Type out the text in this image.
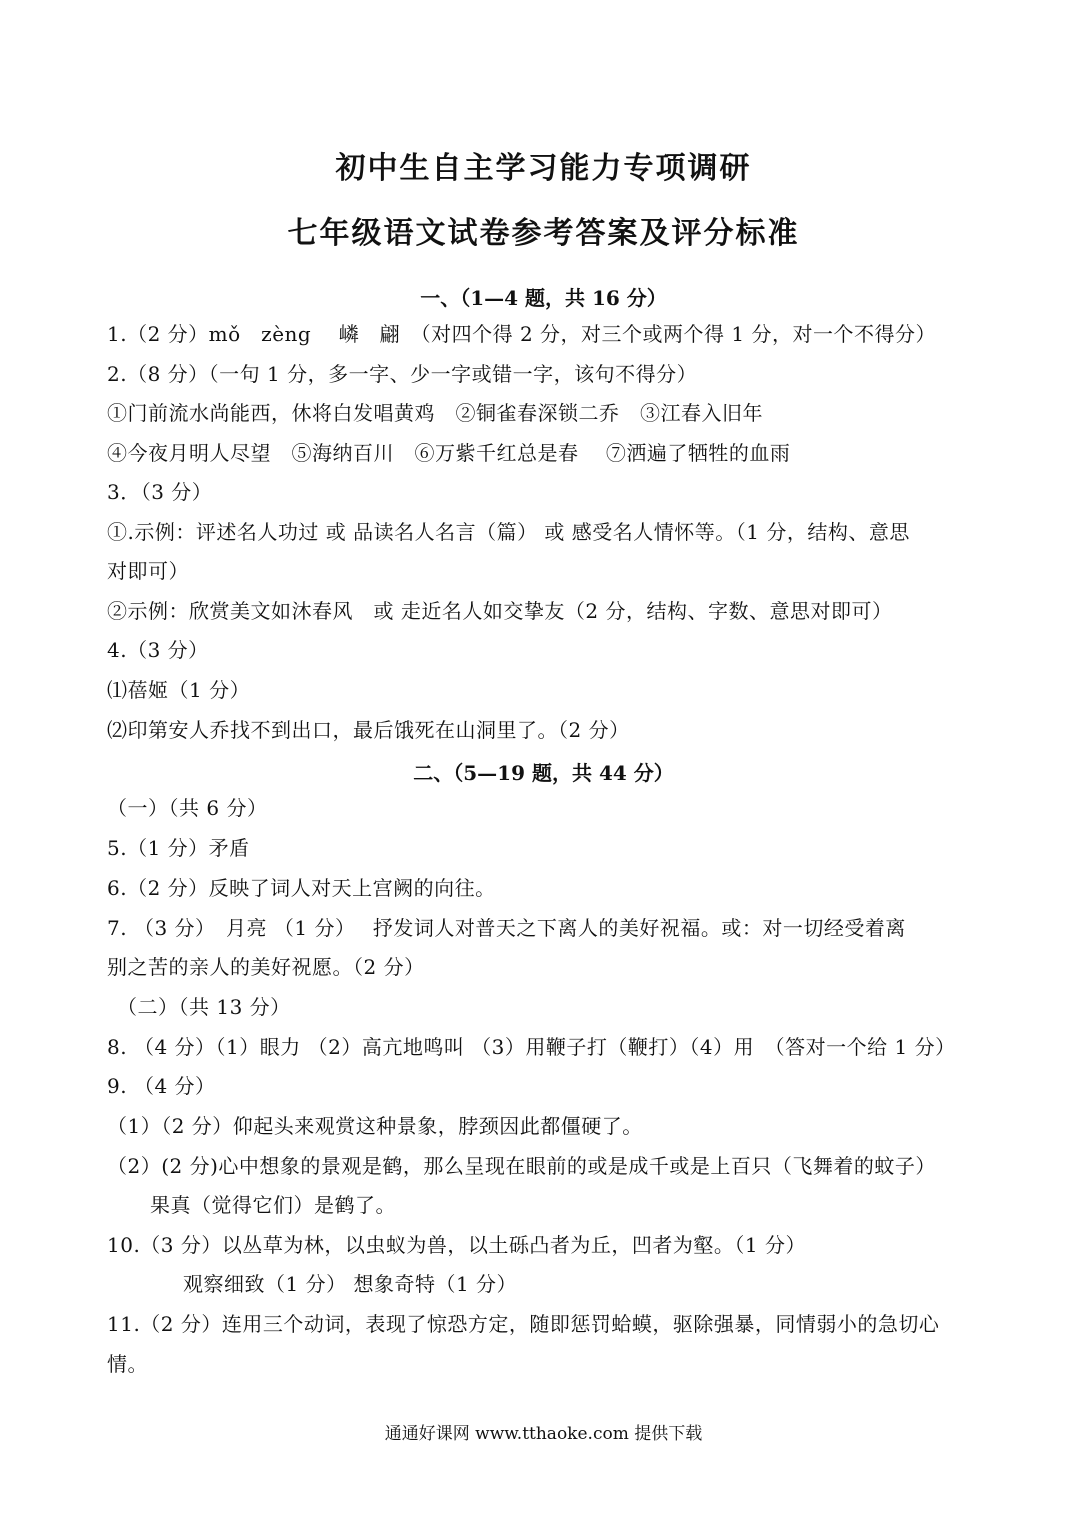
初中生自主学习能力专项调研
七年级语文试卷参考答案及评分标准
一、（1—4 题，共 16 分）
1.（2 分）mǒ　zèng　 嶙　翩　（对四个得 2 分，对三个或两个得 1 分，对一个不得分）
2.（8 分）（一句 1 分，多一字、少一字或错一字，该句不得分）
①门前流水尚能西，休将白发唱黄鸡　②铜雀春深锁二乔　③江春入旧年
④今夜月明人尽望　⑤海纳百川　⑥万紫千红总是春　 ⑦洒遍了牺牲的血雨
3．（3 分）
①.示例：评述名人功过 或 品读名人名言（篇） 或 感受名人情怀等。（1 分，结构、意思
对即可）
②示例：欣赏美文如沐春风　或 走近名人如交挚友（2 分，结构、字数、意思对即可）
4.（3 分）
⑴蓓姬（1 分）
⑵印第安人乔找不到出口，最后饿死在山洞里了。（2 分）
二、（5—19 题，共 44 分）
（一）（共 6 分）
5.（1 分）矛盾
6.（2 分）反映了词人对天上宫阙的向往。
7. （3 分）　月亮 （1 分）　 抒发词人对普天之下离人的美好祝福。或：对一切经受着离
别之苦的亲人的美好祝愿。（2 分）
（二）（共 13 分）
8. （4 分）（1）眼力 （2）高亢地鸣叫 （3）用鞭子打（鞭打）（4）用　（答对一个给 1 分）
9. （4 分）
（1）（2 分）仰起头来观赏这种景象，脖颈因此都僵硬了。
（2）(2 分)心中想象的景观是鹤，那么呈现在眼前的或是成千或是上百只（飞舞着的蚊子）
果真（觉得它们）是鹤了。
10.（3 分）以丛草为林，以虫蚁为兽，以土砾凸者为丘，凹者为壑。（1 分）
观察细致（1 分） 想象奇特（1 分）
11.（2 分）连用三个动词，表现了惊恐方定，随即惩罚蛤蟆，驱除强暴，同情弱小的急切心
情。
通通好课网 www.tthaoke.com 提供下载
